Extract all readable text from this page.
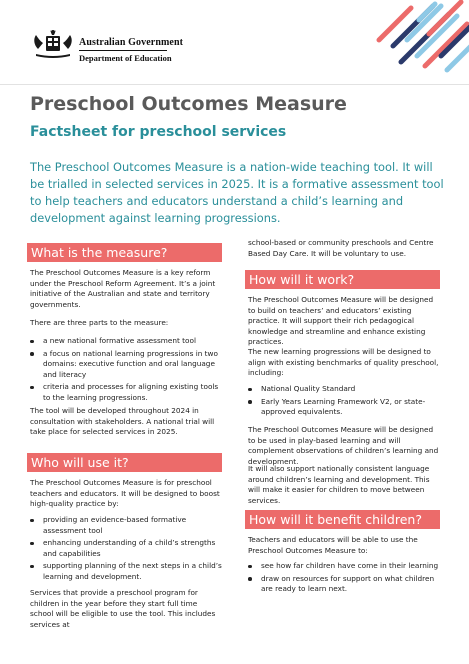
Australian Government
Department of Education
Preschool Outcomes Measure
Factsheet for preschool services

The Preschool Outcomes Measure is a nation-wide teaching tool. It will be trialled in selected services in 2025. It is a formative assessment tool to help teachers and educators understand a child’s learning and development against learning progressions.

What is the measure?

The Preschool Outcomes Measure is a key reform under the Preschool Reform Agreement. It’s a joint initiative of the Australian and state and territory governments.

There are three parts to the measure:

a new national formative assessment tool
a focus on national learning progressions in two domains: executive function and oral language and literacy
criteria and processes for aligning existing tools to the learning progressions.

The tool will be developed throughout 2024 in consultation with stakeholders. A national trial will take place for selected services in 2025.

Who will use it?

The Preschool Outcomes Measure is for preschool teachers and educators. It will be designed to boost high-quality practice by:

providing an evidence-based formative assessment tool
enhancing understanding of a child’s strengths and capabilities
supporting planning of the next steps in a child’s learning and development.

Services that provide a preschool program for children in the year before they start full time school will be eligible to use the tool. This includes services at

school-based or community preschools and Centre Based Day Care. It will be voluntary to use.

How will it work?

The Preschool Outcomes Measure will be designed to build on teachers’ and educators’ existing practice. It will support their rich pedagogical knowledge and streamline and enhance existing practices.

The new learning progressions will be designed to align with existing benchmarks of quality preschool, including:

National Quality Standard
Early Years Learning Framework V2, or state-approved equivalents.

The Preschool Outcomes Measure will be designed to be used in play-based learning and will complement observations of children’s learning and development.

It will also support nationally consistent language around children’s learning and development. This will make it easier for children to move between services.

How will it benefit children?

Teachers and educators will be able to use the Preschool Outcomes Measure to:

see how far children have come in their learning
draw on resources for support on what children are ready to learn next.
